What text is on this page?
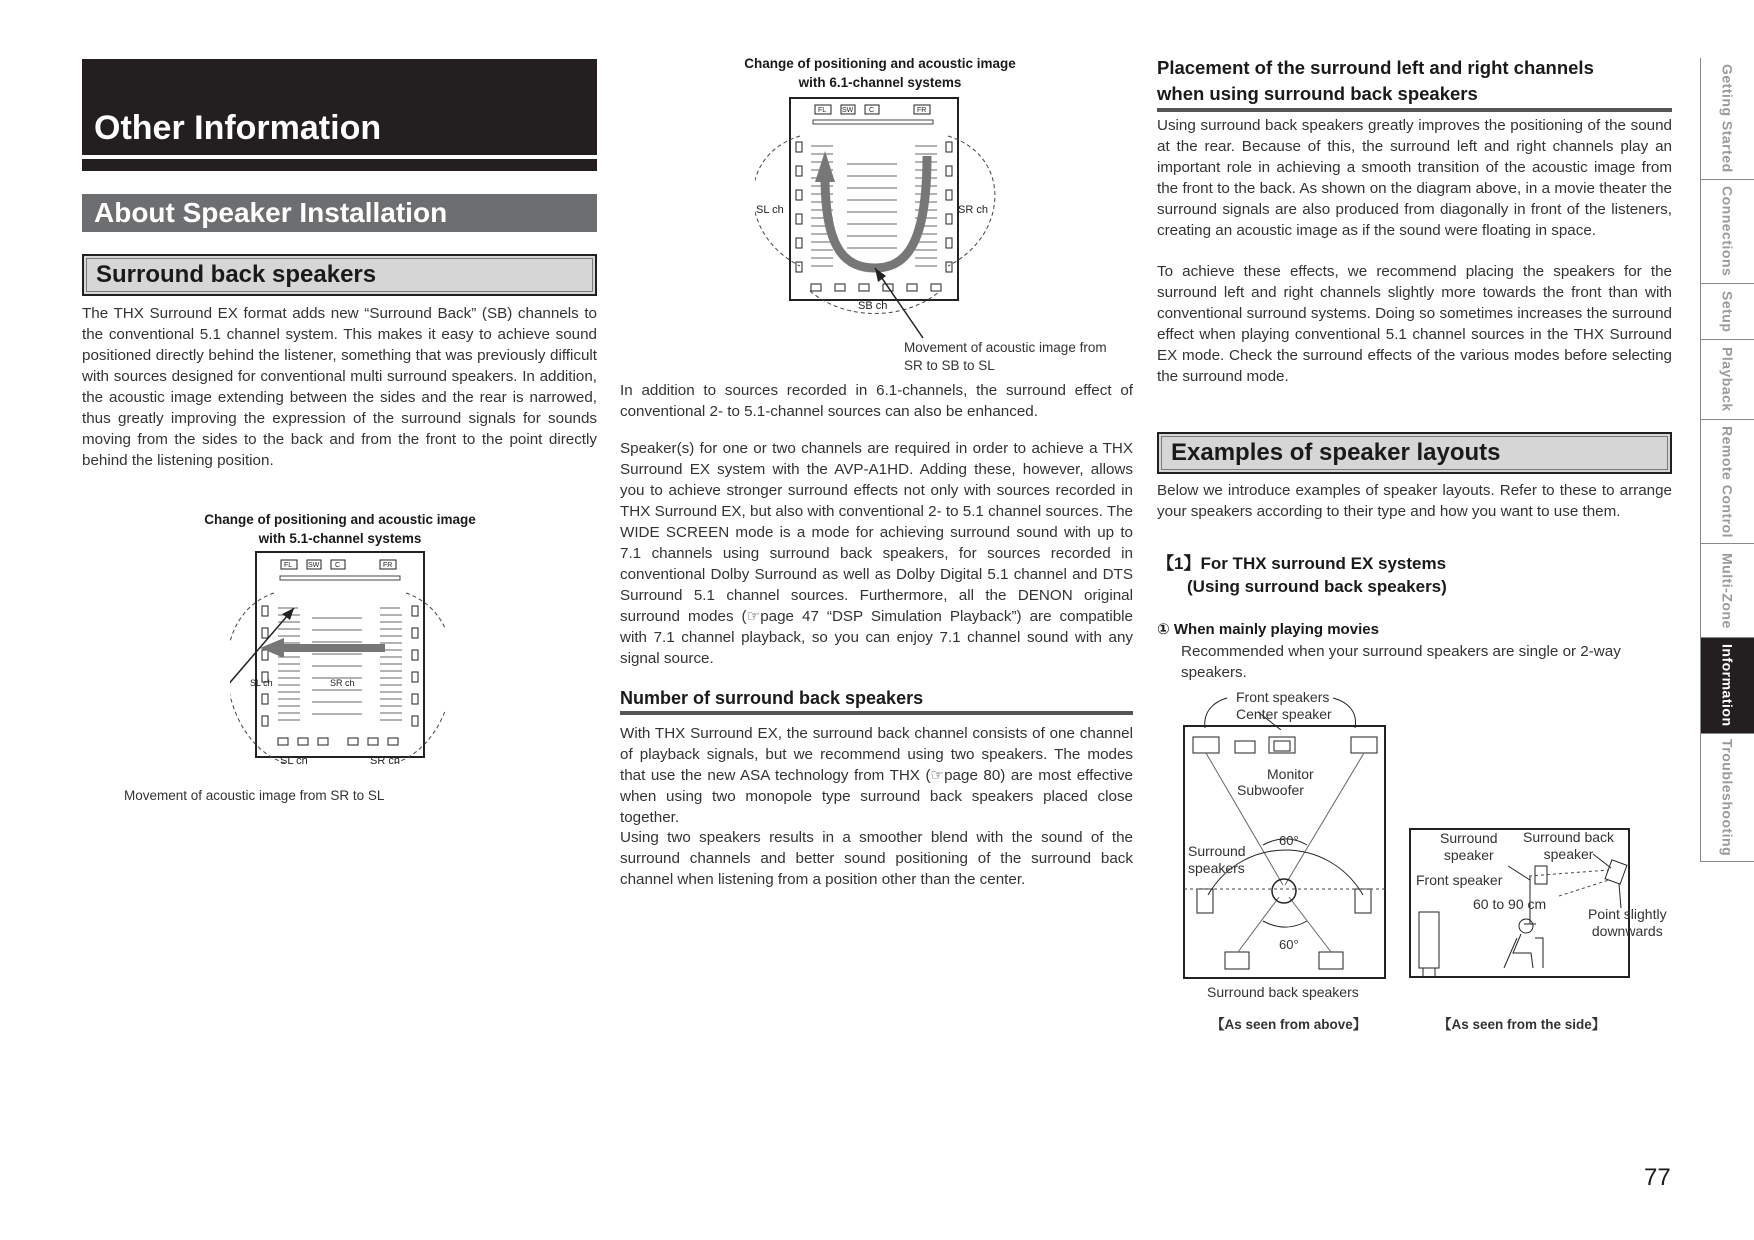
Other Information
About Speaker Installation
Surround back speakers

The THX Surround EX format adds new “Surround Back” (SB) channels to the conventional 5.1 channel system. This makes it easy to achieve sound positioned directly behind the listener, something that was previously difficult with sources designed for conventional multi surround speakers. In addition, the acoustic image extending between the sides and the rear is narrowed, thus greatly improving the expression of the surround signals for sounds moving from the sides to the back and from the front to the point directly behind the listening position.

Change of positioning and acoustic image
with 5.1-channel systems
FL SW C	FR
SL ch	SR ch
SL ch	SR ch
Movement of acoustic image from SR to SL
Change of positioning and acoustic image
with 6.1-channel systems
FL SW C	FR
SL ch	SR ch
SB ch
Movement of acoustic image from
SR to SB to SL

In addition to sources recorded in 6.1-channels, the surround effect of conventional 2- to 5.1-channel sources can also be enhanced.

Speaker(s) for one or two channels are required in order to achieve a THX Surround EX system with the AVP-A1HD. Adding these, however, allows you to achieve stronger surround effects not only with sources recorded in THX Surround EX, but also with conventional 2- to 5.1 channel sources. The WIDE SCREEN mode is a mode for achieving surround sound with up to 7.1 channels using surround back speakers, for sources recorded in conventional Dolby Surround as well as Dolby Digital 5.1 channel and DTS Surround 5.1 channel sources. Furthermore, all the DENON original surround modes (☞page 47 “DSP Simulation Playback”) are compatible with 7.1 channel playback, so you can enjoy 7.1 channel sound with any signal source.

Number of surround back speakers

With THX Surround EX, the surround back channel consists of one channel of playback signals, but we recommend using two speakers. The modes that use the new ASA technology from THX (☞page 80) are most effective when using two monopole type surround back speakers placed close together.

Using two speakers results in a smoother blend with the sound of the surround channels and better sound positioning of the surround back channel when listening from a position other than the center.

Placement of the surround left and right channels
when using surround back speakers

Using surround back speakers greatly improves the positioning of the sound at the rear. Because of this, the surround left and right channels play an important role in achieving a smooth transition of the acoustic image from the front to the back. As shown on the diagram above, in a movie theater the surround signals are also produced from diagonally in front of the listeners, creating an acoustic image as if the sound were floating in space.

To achieve these effects, we recommend placing the speakers for the surround left and right channels slightly more towards the front than with conventional surround systems. Doing so sometimes increases the surround effect when playing conventional 5.1 channel sources in the THX Surround EX mode. Check the surround effects of the various modes before selecting the surround mode.

Examples of speaker layouts

Below we introduce examples of speaker layouts. Refer to these to arrange your speakers according to their type and how you want to use them.

【1】For THX surround EX systems
(Using surround back speakers)
① When mainly playing movies

Recommended when your surround speakers are single or 2-way speakers.

60°
60°
Front speakers
Center speaker
Monitor
Subwoofer
Surround
speakers
Surround back speakers
【As seen from above】
Surround
speaker
Surround back
speaker
Front speaker
60 to 90 cm
Point slightly
downwards
【As seen from the side】
Getting Started
Connections
Setup
Playback
Remote Control
Multi-Zone
Information
Troubleshooting
77
